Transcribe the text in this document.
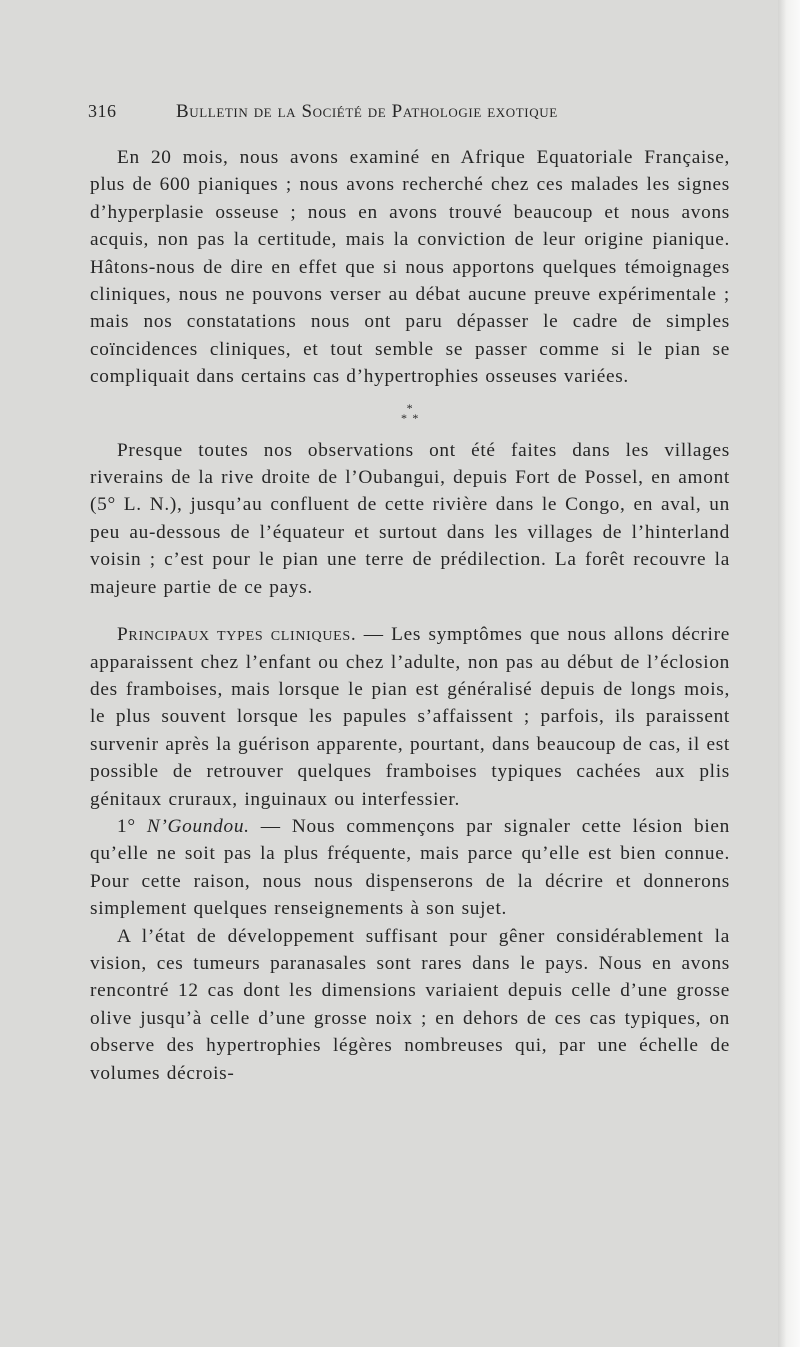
316	Bulletin de la Société de Pathologie exotique

En 20 mois, nous avons examiné en Afrique Equatoriale Française, plus de 600 pianiques ; nous avons recherché chez ces malades les signes d’hyperplasie osseuse ; nous en avons trouvé beaucoup et nous avons acquis, non pas la certitude, mais la conviction de leur origine pianique. Hâtons-nous de dire en effet que si nous apportons quelques témoignages cliniques, nous ne pouvons verser au débat aucune preuve expérimentale ; mais nos constatations nous ont paru dépasser le cadre de simples coïncidences cliniques, et tout semble se passer comme si le pian se compliquait dans certains cas d’hypertrophies osseuses variées.

*
* *

Presque toutes nos observations ont été faites dans les villages riverains de la rive droite de l’Oubangui, depuis Fort de Possel, en amont (5° L. N.), jusqu’au confluent de cette rivière dans le Congo, en aval, un peu au-dessous de l’équateur et surtout dans les villages de l’hinterland voisin ; c’est pour le pian une terre de prédilection. La forêt recouvre la majeure partie de ce pays.

Principaux types cliniques. — Les symptômes que nous allons décrire apparaissent chez l’enfant ou chez l’adulte, non pas au début de l’éclosion des framboises, mais lorsque le pian est généralisé depuis de longs mois, le plus souvent lorsque les papules s’affaissent ; parfois, ils paraissent survenir après la guérison apparente, pourtant, dans beaucoup de cas, il est possible de retrouver quelques framboises typiques cachées aux plis génitaux cruraux, inguinaux ou interfessier.

1° N’Goundou. — Nous commençons par signaler cette lésion bien qu’elle ne soit pas la plus fréquente, mais parce qu’elle est bien connue. Pour cette raison, nous nous dispenserons de la décrire et donnerons simplement quelques renseignements à son sujet.

A l’état de développement suffisant pour gêner considérablement la vision, ces tumeurs paranasales sont rares dans le pays. Nous en avons rencontré 12 cas dont les dimensions variaient depuis celle d’une grosse olive jusqu’à celle d’une grosse noix ; en dehors de ces cas typiques, on observe des hypertrophies légères nombreuses qui, par une échelle de volumes décrois-
